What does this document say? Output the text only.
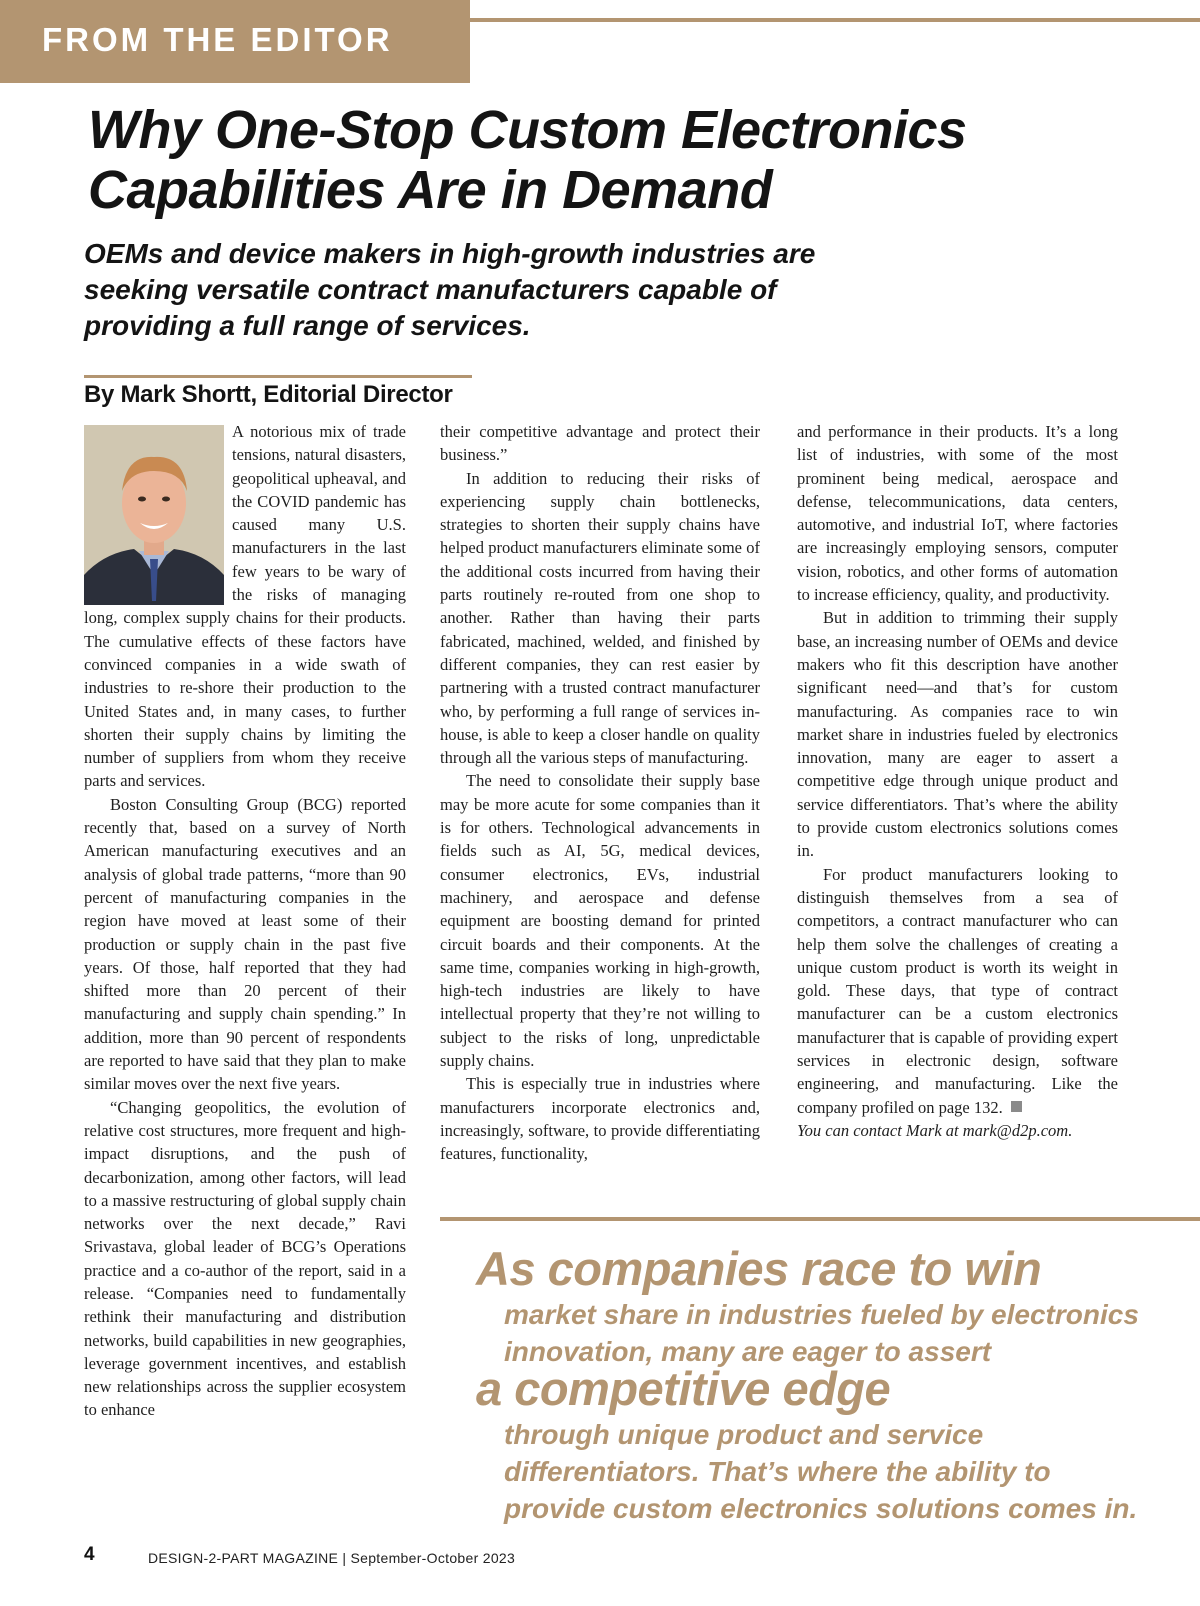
FROM THE EDITOR
Why One-Stop Custom Electronics Capabilities Are in Demand
OEMs and device makers in high-growth industries are seeking versatile contract manufacturers capable of providing a full range of services.
By Mark Shortt, Editorial Director

A notorious mix of trade tensions, natural disasters, geopolitical upheaval, and the COVID pandemic has caused many U.S. manufacturers in the last few years to be wary of the risks of managing long, complex supply chains for their products. The cumulative effects of these factors have convinced companies in a wide swath of industries to re-shore their production to the United States and, in many cases, to further shorten their supply chains by limiting the number of suppliers from whom they receive parts and services.

Boston Consulting Group (BCG) reported recently that, based on a survey of North American manufacturing executives and an analysis of global trade patterns, “more than 90 percent of manufacturing companies in the region have moved at least some of their production or supply chain in the past five years. Of those, half reported that they had shifted more than 20 percent of their manufacturing and supply chain spending.” In addition, more than 90 percent of respondents are reported to have said that they plan to make similar moves over the next five years.

“Changing geopolitics, the evolution of relative cost structures, more frequent and high-impact disruptions, and the push of decarbonization, among other factors, will lead to a massive restructuring of global supply chain networks over the next decade,” Ravi Srivastava, global leader of BCG’s Operations practice and a co-author of the report, said in a release. “Companies need to fundamentally rethink their manufacturing and distribution networks, build capabilities in new geographies, leverage government incentives, and establish new relationships across the supplier ecosystem to enhance

their competitive advantage and protect their business.”

In addition to reducing their risks of experiencing supply chain bottlenecks, strategies to shorten their supply chains have helped product manufacturers eliminate some of the additional costs incurred from having their parts routinely re-routed from one shop to another. Rather than having their parts fabricated, machined, welded, and finished by different companies, they can rest easier by partnering with a trusted contract manufacturer who, by performing a full range of services in-house, is able to keep a closer handle on quality through all the various steps of manufacturing.

The need to consolidate their supply base may be more acute for some companies than it is for others. Technological advancements in fields such as AI, 5G, medical devices, consumer electronics, EVs, industrial machinery, and aerospace and defense equipment are boosting demand for printed circuit boards and their components. At the same time, companies working in high-growth, high-tech industries are likely to have intellectual property that they’re not willing to subject to the risks of long, unpredictable supply chains.

This is especially true in industries where manufacturers incorporate electronics and, increasingly, software, to provide differentiating features, functionality,

and performance in their products. It’s a long list of industries, with some of the most prominent being medical, aerospace and defense, telecommunications, data centers, automotive, and industrial IoT, where factories are increasingly employing sensors, computer vision, robotics, and other forms of automation to increase efficiency, quality, and productivity.

But in addition to trimming their supply base, an increasing number of OEMs and device makers who fit this description have another significant need—and that’s for custom manufacturing. As companies race to win market share in industries fueled by electronics innovation, many are eager to assert a competitive edge through unique product and service differentiators. That’s where the ability to provide custom electronics solutions comes in.

For product manufacturers looking to distinguish themselves from a sea of competitors, a contract manufacturer who can help them solve the challenges of creating a unique custom product is worth its weight in gold. These days, that type of contract manufacturer can be a custom electronics manufacturer that is capable of providing expert services in electronic design, software engineering, and manufacturing. Like the company profiled on page 132.

You can contact Mark at mark@d2p.com.

As companies race to win
market share in industries fueled by electronics innovation, many are eager to assert
a competitive edge
through unique product and service differentiators. That’s where the ability to provide custom electronics solutions comes in.
4	DESIGN-2-PART MAGAZINE | September-October 2023
